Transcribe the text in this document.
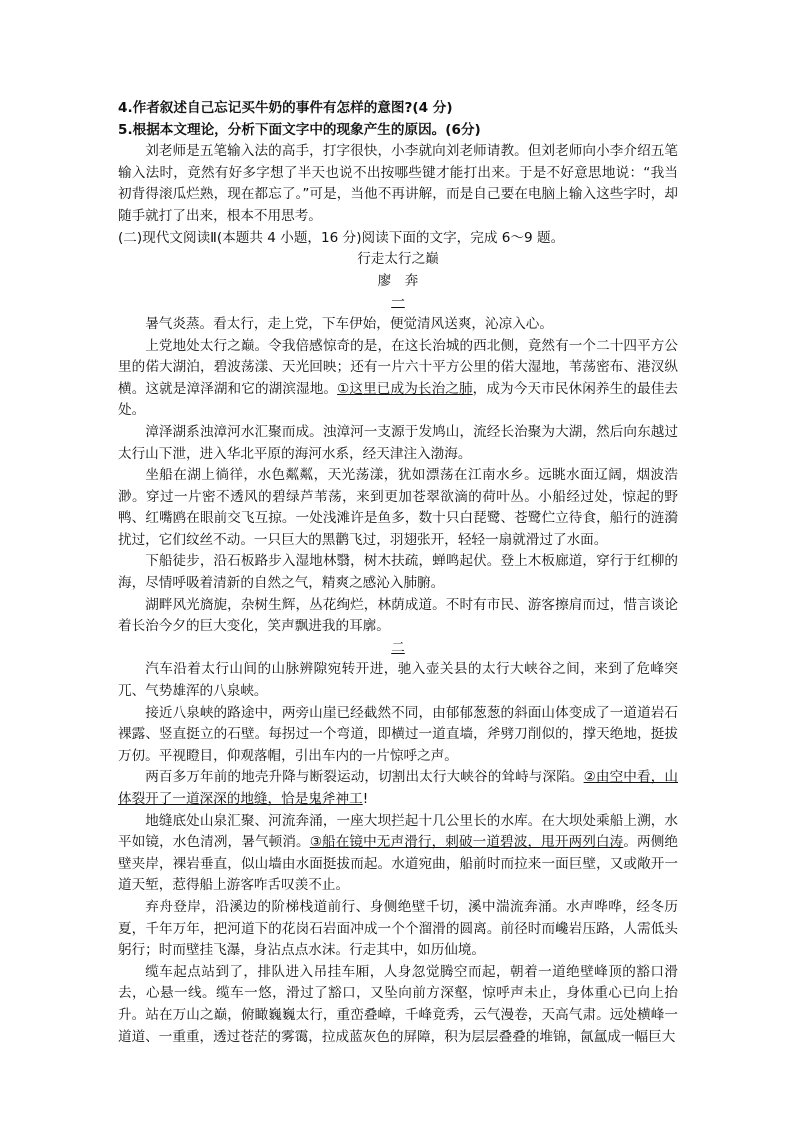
4.作者叙述自己忘记买牛奶的事件有怎样的意图?(4 分)

5.根据本文理论，分析下面文字中的现象产生的原因。(6分)

刘老师是五笔输入法的高手，打字很快，小李就向刘老师请教。但刘老师向小李介绍五笔输入法时，竟然有好多字想了半天也说不出按哪些键才能打出来。于是不好意思地说：“我当初背得滚瓜烂熟，现在都忘了。”可是，当他不再讲解，而是自己要在电脑上输入这些字时，却随手就打了出来，根本不用思考。

(二)现代文阅读Ⅱ(本题共 4 小题，16 分)阅读下面的文字，完成 6～9 题。

行走太行之巅

廖　奔

一

暑气炎蒸。看太行，走上党，下车伊始，便觉清风送爽，沁凉入心。

上党地处太行之巅。令我倍感惊奇的是，在这长治城的西北侧，竟然有一个二十四平方公里的偌大湖泊，碧波荡漾、天光回映；还有一片六十平方公里的偌大湿地，苇荡密布、港汊纵横。这就是漳泽湖和它的湖滨湿地。①这里已成为长治之肺，成为今天市民休闲养生的最佳去处。

漳泽湖系浊漳河水汇聚而成。浊漳河一支源于发鸠山，流经长治聚为大湖，然后向东越过太行山下泄，进入华北平原的海河水系，经天津注入渤海。

坐船在湖上徜徉，水色粼粼，天光荡漾，犹如漂荡在江南水乡。远眺水面辽阔，烟波浩渺。穿过一片密不透风的碧绿芦苇荡，来到更加苍翠欲滴的荷叶丛。小船经过处，惊起的野鸭、红嘴鸥在眼前交飞互掠。一处浅滩许是鱼多，数十只白琵鹭、苍鹭伫立待食，船行的涟漪扰过，它们纹丝不动。一只巨大的黑鹳飞过，羽翅张开，轻轻一扇就滑过了水面。

下船徒步，沿石板路步入湿地林翳，树木扶疏，蝉鸣起伏。登上木板廊道，穿行于红柳的海，尽情呼吸着清新的自然之气，精爽之感沁入肺腑。

湖畔风光旖旎，杂树生辉，丛花绚烂，林荫成道。不时有市民、游客擦肩而过，惜言谈论着长治今夕的巨大变化，笑声飘进我的耳廓。

二

汽车沿着太行山间的山脉辨隙宛转开进，驰入壶关县的太行大峡谷之间，来到了危峰突兀、气势雄浑的八泉峡。

接近八泉峡的路途中，两旁山崖已经截然不同，由郁郁葱葱的斜面山体变成了一道道岩石裸露、竖直挺立的石壁。每拐过一个弯道，即横过一道直墙，斧劈刀削似的，撑天绝地，挺拔万仞。平视瞪目，仰观落帽，引出车内的一片惊呼之声。

两百多万年前的地壳升降与断裂运动，切割出太行大峡谷的耸峙与深陷。②由空中看，山体裂开了一道深深的地缝，恰是鬼斧神工!

地缝底处山泉汇聚、河流奔涌，一座大坝拦起十几公里长的水库。在大坝处乘船上溯，水平如镜，水色清冽，暑气顿消。③船在镜中无声滑行，刺破一道碧波，甩开两列白涛。两侧绝壁夹岸，裸岩垂直，似山墙由水面挺拔而起。水道宛曲，船前时而拉来一面巨壁，又或敞开一道天堑，惹得船上游客咋舌叹羡不止。

弃舟登岸，沿溪边的阶梯栈道前行、身侧绝壁千切，溪中湍流奔涌。水声哗哗，经冬历夏，千年万年，把河道下的花岗石岩面冲成一个个溜滑的圆离。前径时而巉岩压路，人需低头躬行；时而壁挂飞瀑，身沾点点水沫。行走其中，如历仙境。

缆车起点站到了，排队进入吊挂车厢，人身忽觉腾空而起，朝着一道绝壁峰顶的豁口滑去，心悬一线。缆车一悠，滑过了豁口，又坠向前方深壑，惊呼声未止，身体重心已向上抬升。站在万山之巅，俯瞰巍巍太行，重峦叠嶂，千峰竟秀，云气漫卷，天高气肃。远处横峰一道道、一重重，透过苍茫的雾霭，拉成蓝灰色的屏障，积为层层叠叠的堆锦，氤氲成一幅巨大
